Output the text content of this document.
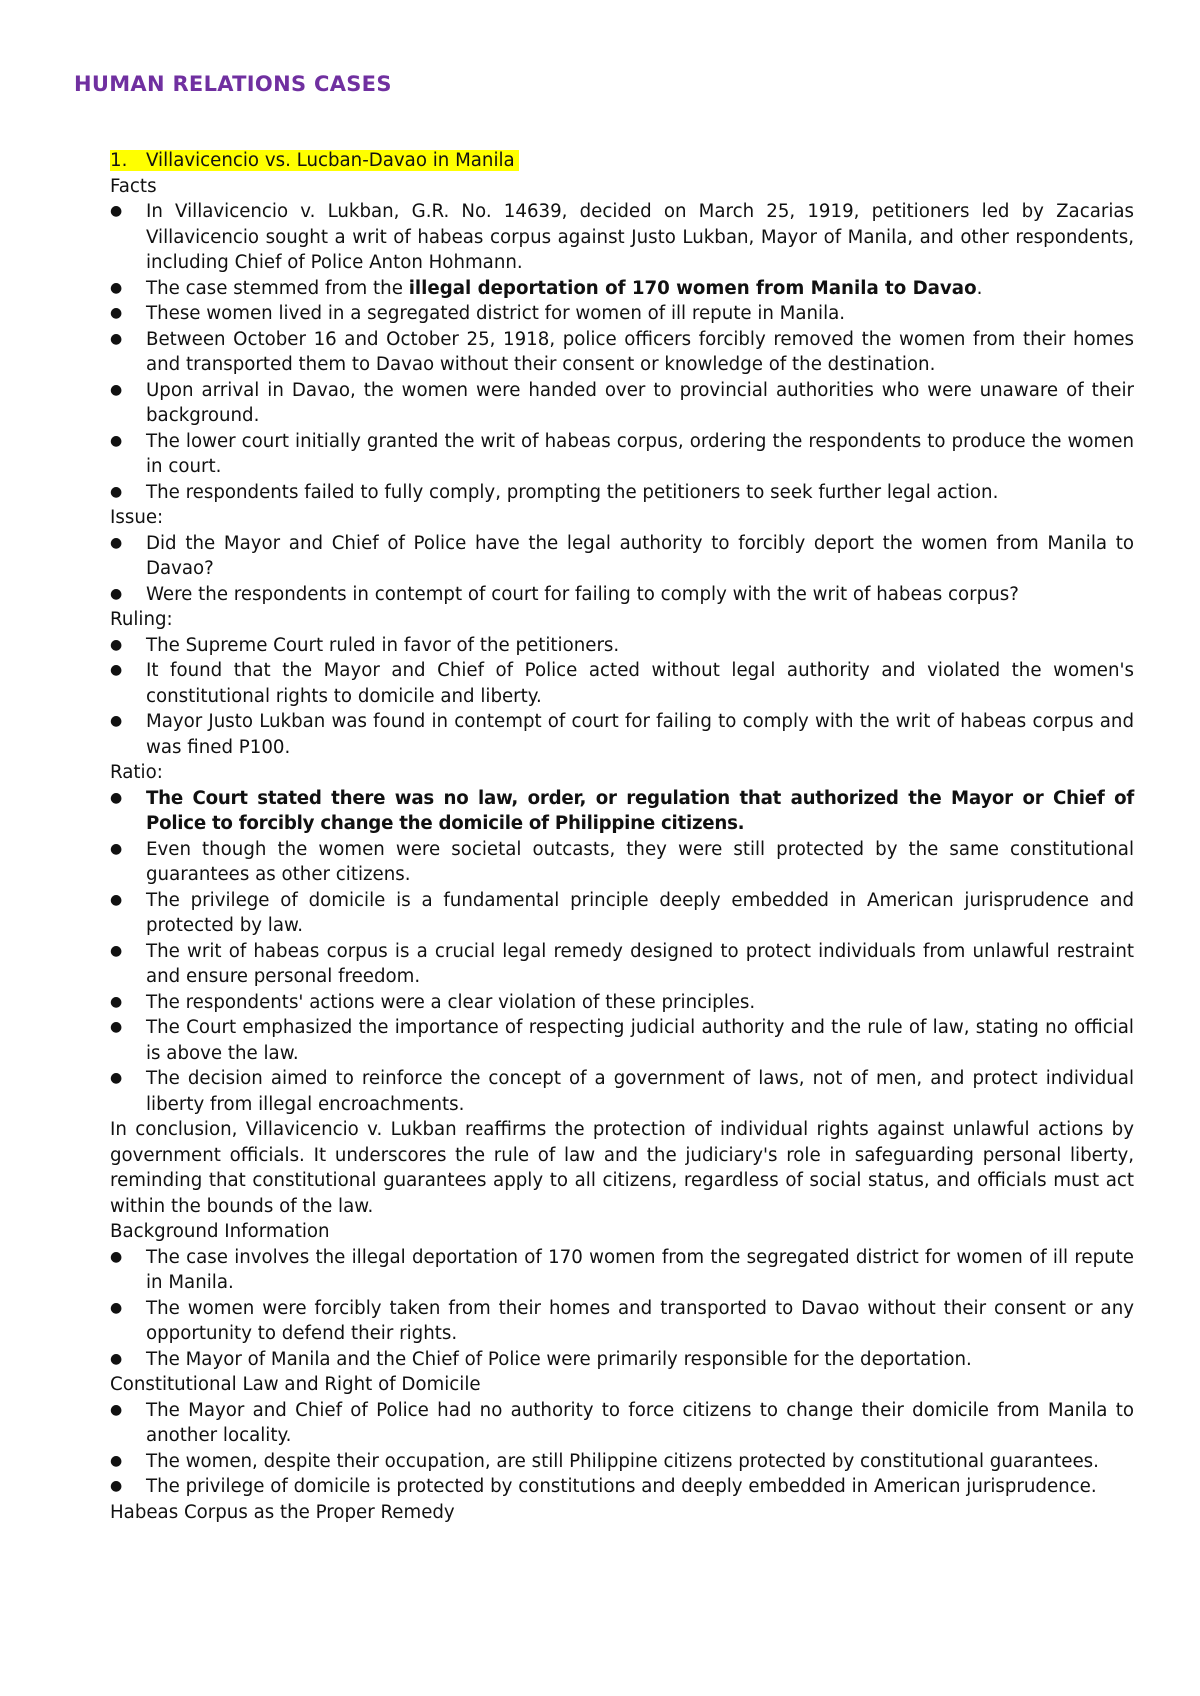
HUMAN RELATIONS CASES
1. Villavicencio vs. Lucban-Davao in Manila
Facts
● In Villavicencio v. Lukban, G.R. No. 14639, decided on March 25, 1919, petitioners led by Zacarias Villavicencio sought a writ of habeas corpus against Justo Lukban, Mayor of Manila, and other respondents, including Chief of Police Anton Hohmann.
● The case stemmed from the illegal deportation of 170 women from Manila to Davao.
● These women lived in a segregated district for women of ill repute in Manila.
● Between October 16 and October 25, 1918, police officers forcibly removed the women from their homes and transported them to Davao without their consent or knowledge of the destination.
● Upon arrival in Davao, the women were handed over to provincial authorities who were unaware of their background.
● The lower court initially granted the writ of habeas corpus, ordering the respondents to produce the women in court.
● The respondents failed to fully comply, prompting the petitioners to seek further legal action.
Issue:
● Did the Mayor and Chief of Police have the legal authority to forcibly deport the women from Manila to Davao?
● Were the respondents in contempt of court for failing to comply with the writ of habeas corpus?
Ruling:
● The Supreme Court ruled in favor of the petitioners.
● It found that the Mayor and Chief of Police acted without legal authority and violated the women's constitutional rights to domicile and liberty.
● Mayor Justo Lukban was found in contempt of court for failing to comply with the writ of habeas corpus and was fined P100.
Ratio:
● The Court stated there was no law, order, or regulation that authorized the Mayor or Chief of Police to forcibly change the domicile of Philippine citizens.
● Even though the women were societal outcasts, they were still protected by the same constitutional guarantees as other citizens.
● The privilege of domicile is a fundamental principle deeply embedded in American jurisprudence and protected by law.
● The writ of habeas corpus is a crucial legal remedy designed to protect individuals from unlawful restraint and ensure personal freedom.
● The respondents' actions were a clear violation of these principles.
● The Court emphasized the importance of respecting judicial authority and the rule of law, stating no official is above the law.
● The decision aimed to reinforce the concept of a government of laws, not of men, and protect individual liberty from illegal encroachments.
In conclusion, Villavicencio v. Lukban reaffirms the protection of individual rights against unlawful actions by government officials. It underscores the rule of law and the judiciary's role in safeguarding personal liberty, reminding that constitutional guarantees apply to all citizens, regardless of social status, and officials must act within the bounds of the law.
Background Information
● The case involves the illegal deportation of 170 women from the segregated district for women of ill repute in Manila.
● The women were forcibly taken from their homes and transported to Davao without their consent or any opportunity to defend their rights.
● The Mayor of Manila and the Chief of Police were primarily responsible for the deportation.
Constitutional Law and Right of Domicile
● The Mayor and Chief of Police had no authority to force citizens to change their domicile from Manila to another locality.
● The women, despite their occupation, are still Philippine citizens protected by constitutional guarantees.
● The privilege of domicile is protected by constitutions and deeply embedded in American jurisprudence.
Habeas Corpus as the Proper Remedy
